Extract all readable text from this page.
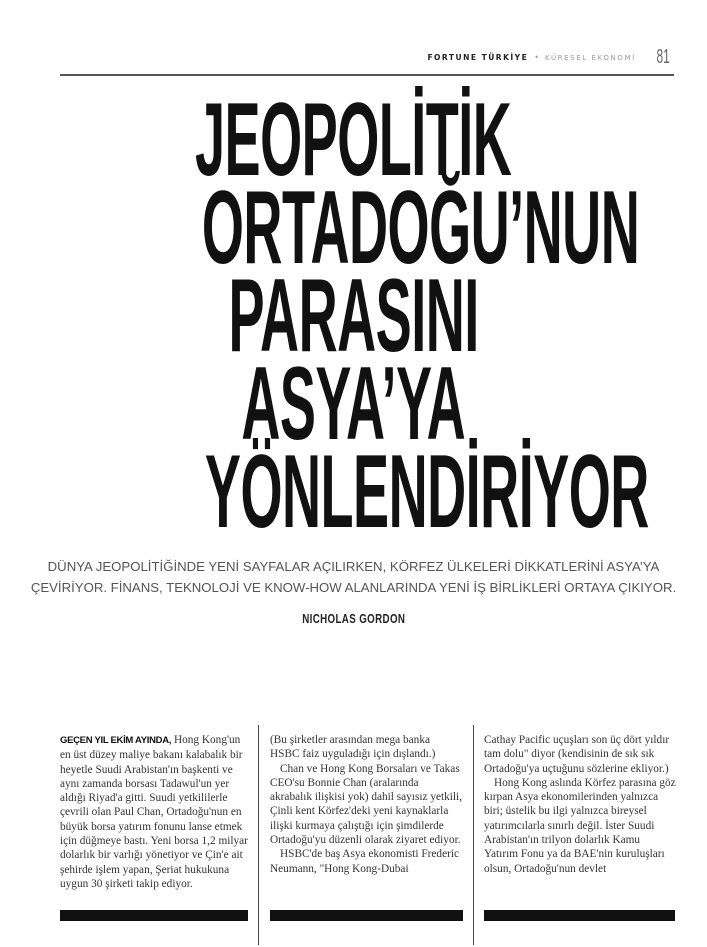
FORTUNE TÜRKİYE • KÜRESEL EKONOMİ 81
JEOPOLİTİK
ORTADOĞU’NUN
PARASINI
ASYA’YA
YÖNLENDİRİYOR
DÜNYA JEOPOLİTİĞİNDE YENİ SAYFALAR AÇILIRKEN, KÖRFEZ ÜLKELERİ DİKKATLERİNİ ASYA’YA
ÇEVİRİYOR. FİNANS, TEKNOLOJİ VE KNOW-HOW ALANLARINDA YENİ İŞ BİRLİKLERİ ORTAYA ÇIKIYOR.
NICHOLAS GORDON

GEÇEN YIL EKİM AYINDA, Hong Kong'un en üst düzey maliye bakanı kalabalık bir heyetle Suudi Arabistan'ın başkenti ve aynı zamanda borsası Tadawul'un yer aldığı Riyad'a gitti. Suudi yetkililerle çevrili olan Paul Chan, Ortadoğu'nun en büyük borsa yatırım fonunu lanse etmek için düğmeye bastı. Yeni borsa 1,2 milyar dolarlık bir varlığı yönetiyor ve Çin'e ait şehirde işlem yapan, Şeriat hukukuna uygun 30 şirketi takip ediyor.

(Bu şirketler arasından mega banka HSBC faiz uyguladığı için dışlandı.)

Chan ve Hong Kong Borsaları ve Takas CEO'su Bonnie Chan (aralarında akrabalık ilişkisi yok) dahil sayısız yetkili, Çinli kent Körfez'deki yeni kaynaklarla ilişki kurmaya çalıştığı için şimdilerde Ortadoğu'yu düzenli olarak ziyaret ediyor.

HSBC'de baş Asya ekonomisti Frederic Neumann, "Hong Kong-Dubai

Cathay Pacific uçuşları son üç dört yıldır tam dolu" diyor (kendisinin de sık sık Ortadoğu'ya uçtuğunu sözlerine ekliyor.)

Hong Kong aslında Körfez parasına göz kırpan Asya ekonomilerinden yalnızca biri; üstelik bu ilgi yalnızca bireysel yatırımcılarla sınırlı değil. İster Suudi Arabistan'ın trilyon dolarlık Kamu Yatırım Fonu ya da BAE'nin kuruluşları olsun, Ortadoğu'nun devlet
